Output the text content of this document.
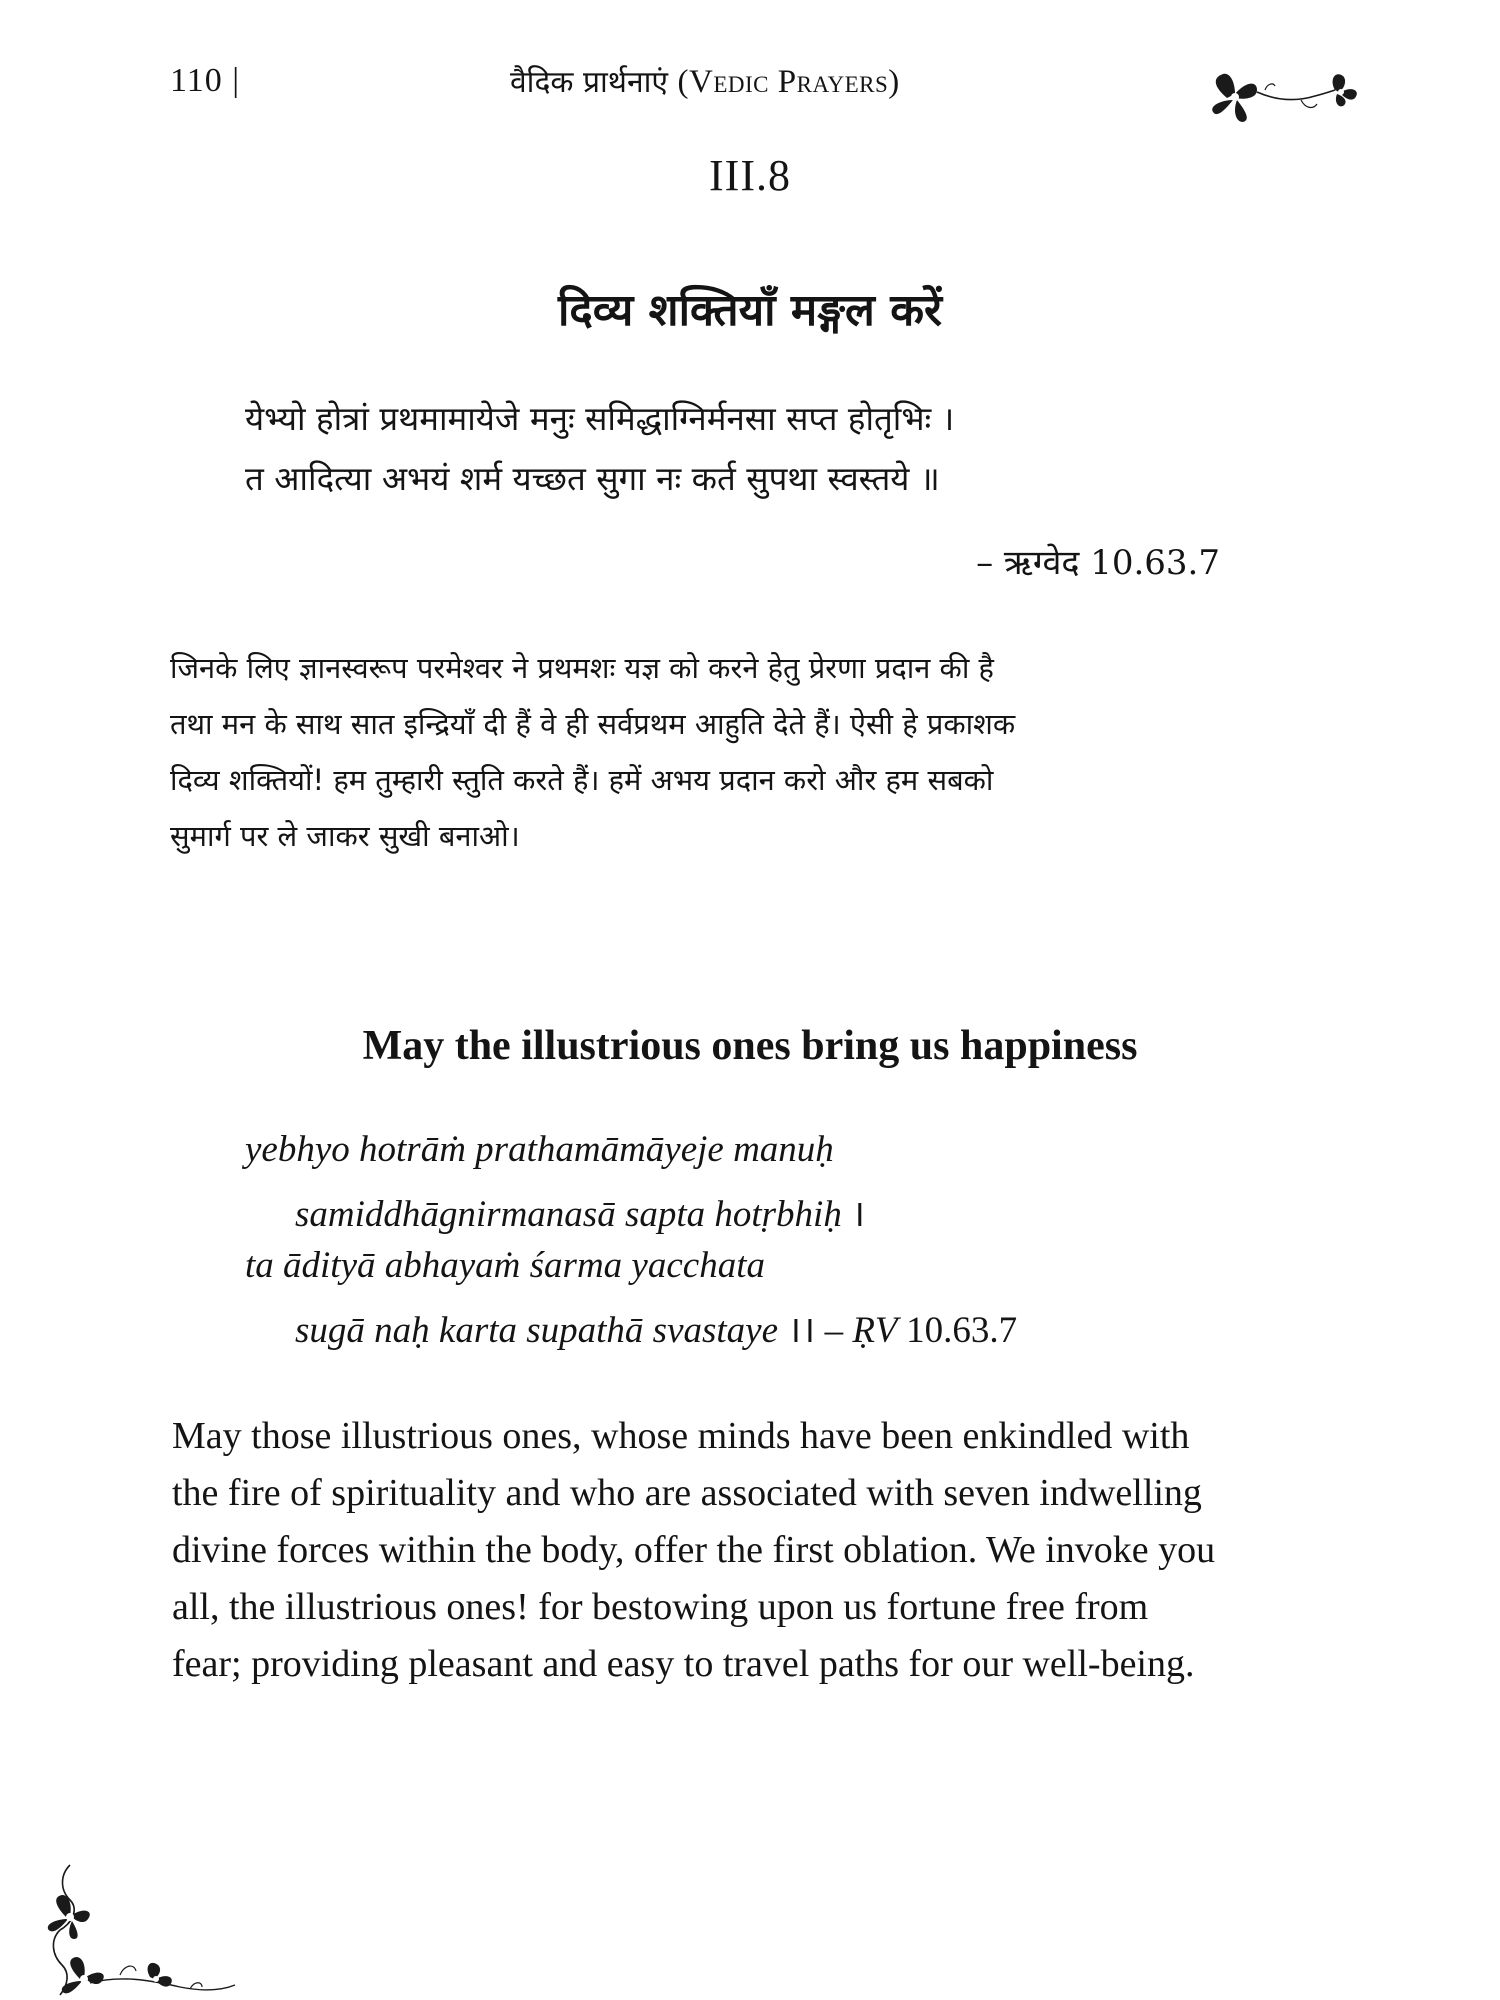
110 |	वैदिक प्रार्थनाएं (Vedic Prayers)
III.8
दिव्य शक्तियाँ मङ्गल करें
येभ्यो होत्रां प्रथमामायेजे मनुः समिद्धाग्निर्मनसा सप्त होतृभिः ।
त आदित्या अभयं शर्म यच्छत सुगा नः कर्त सुपथा स्वस्तये ॥
– ऋग्वेद 10.63.7
जिनके लिए ज्ञानस्वरूप परमेश्वर ने प्रथमशः यज्ञ को करने हेतु प्रेरणा प्रदान की है
तथा मन के साथ सात इन्द्रियाँ दी हैं वे ही सर्वप्रथम आहुति देते हैं। ऐसी हे प्रकाशक
दिव्य शक्तियों! हम तुम्हारी स्तुति करते हैं। हमें अभय प्रदान करो और हम सबको
सुमार्ग पर ले जाकर सुखी बनाओ।
May the illustrious ones bring us happiness
yebhyo hotrāṁ prathamāmāyeje manuḥ
samiddhāgnirmanasā sapta hotṛbhiḥ ।
ta ādityā abhayaṁ śarma yacchata
sugā naḥ karta supathā svastaye ।। – ṚV 10.63.7
May those illustrious ones, whose minds have been enkindled with
the fire of spirituality and who are associated with seven indwelling
divine forces within the body, offer the first oblation. We invoke you
all, the illustrious ones! for bestowing upon us fortune free from
fear; providing pleasant and easy to travel paths for our well-being.
